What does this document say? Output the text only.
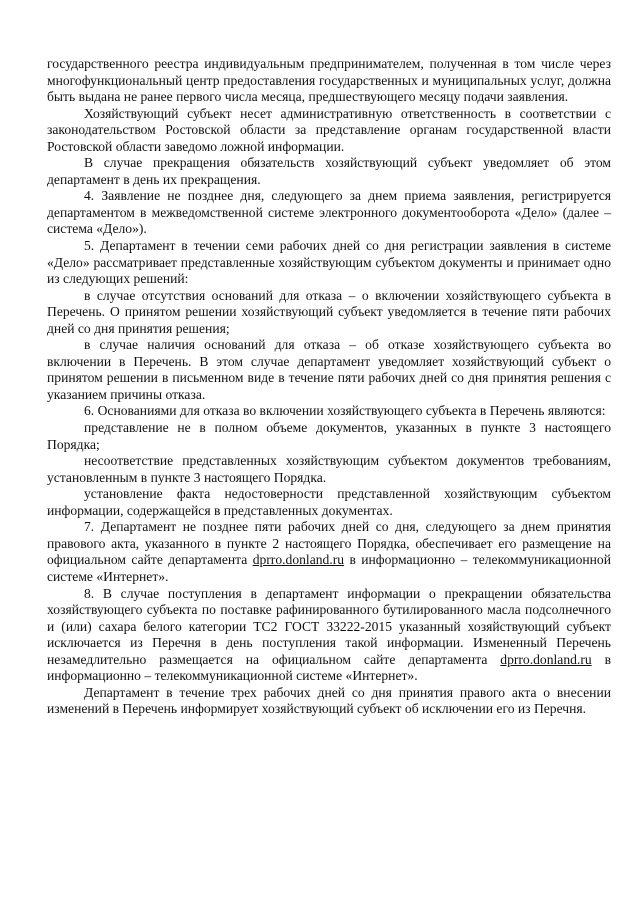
государственного реестра индивидуальным предпринимателем, полученная в том числе через многофункциональный центр предоставления государственных и муниципальных услуг, должна быть выдана не ранее первого числа месяца, предшествующего месяцу подачи заявления.

Хозяйствующий субъект несет административную ответственность в соответствии с законодательством Ростовской области за представление органам государственной власти Ростовской области заведомо ложной информации.

В случае прекращения обязательств хозяйствующий субъект уведомляет об этом департамент в день их прекращения.

4. Заявление не позднее дня, следующего за днем приема заявления, регистрируется департаментом в межведомственной системе электронного документооборота «Дело» (далее – система «Дело»).

5. Департамент в течении семи рабочих дней со дня регистрации заявления в системе «Дело» рассматривает представленные хозяйствующим субъектом документы и принимает одно из следующих решений:

в случае отсутствия оснований для отказа – о включении хозяйствующего субъекта в Перечень. О принятом решении хозяйствующий субъект уведомляется в течение пяти рабочих дней со дня принятия решения;

в случае наличия оснований для отказа – об отказе хозяйствующего субъекта во включении в Перечень. В этом случае департамент уведомляет хозяйствующий субъект о принятом решении в письменном виде в течение пяти рабочих дней со дня принятия решения с указанием причины отказа.

6. Основаниями для отказа во включении хозяйствующего субъекта в Перечень являются:

представление не в полном объеме документов, указанных в пункте 3 настоящего Порядка;

несоответствие представленных хозяйствующим субъектом документов требованиям, установленным в пункте 3 настоящего Порядка.

установление факта недостоверности представленной хозяйствующим субъектом информации, содержащейся в представленных документах.

7. Департамент не позднее пяти рабочих дней со дня, следующего за днем принятия правового акта, указанного в пункте 2 настоящего Порядка, обеспечивает его размещение на официальном сайте департамента dprro.donland.ru в информационно – телекоммуникационной системе «Интернет».

8. В случае поступления в департамент информации о прекращении обязательства хозяйствующего субъекта по поставке рафинированного бутилированного масла подсолнечного и (или) сахара белого категории ТС2 ГОСТ 33222-2015 указанный хозяйствующий субъект исключается из Перечня в день поступления такой информации. Измененный Перечень незамедлительно размещается на официальном сайте департамента dprro.donland.ru в информационно – телекоммуникационной системе «Интернет».

Департамент в течение трех рабочих дней со дня принятия правого акта о внесении изменений в Перечень информирует хозяйствующий субъект об исключении его из Перечня.
